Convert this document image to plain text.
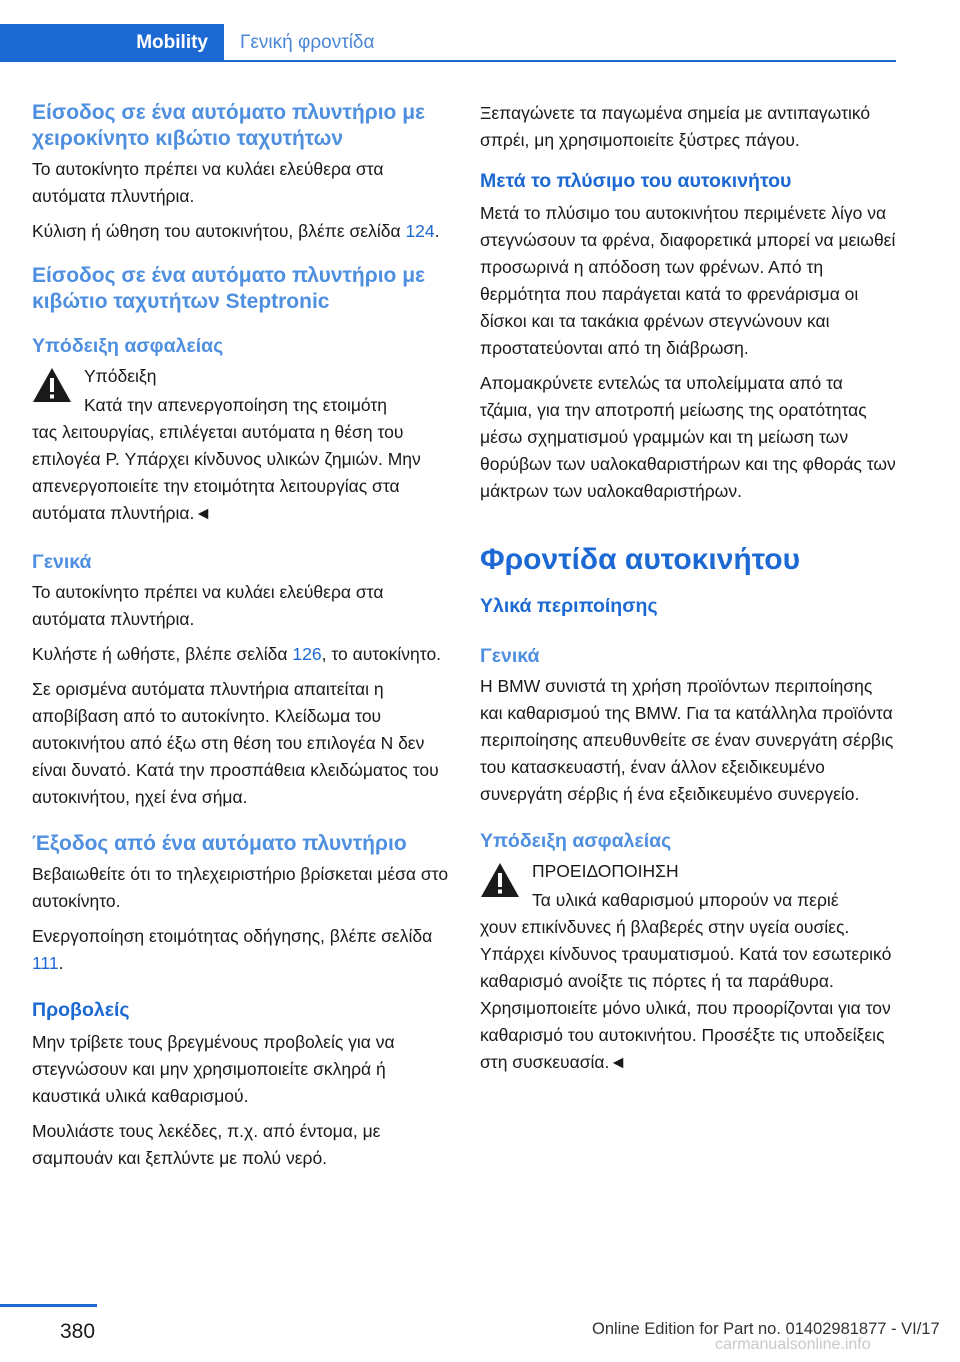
Mobility	Γενική φροντίδα
Είσοδος σε ένα αυτόματο πλυντήριο με χειροκίνητο κιβώτιο ταχυτήτων

Το αυτοκίνητο πρέπει να κυλάει ελεύθερα στα αυτόματα πλυντήρια.

Κύλιση ή ώθηση του αυτοκινήτου, βλέπε σελίδα 124.

Είσοδος σε ένα αυτόματο πλυντήριο με κιβώτιο ταχυτήτων Steptronic
Υπόδειξη ασφαλείας

Υπόδειξη

Κατά την απενεργοποίηση της ετοιμότη

τας λειτουργίας, επιλέγεται αυτόματα η θέση του επιλογέα P. Υπάρχει κίνδυνος υλικών ζημιών. Μην απενεργοποιείτε την ετοιμότητα λειτουργίας στα αυτόματα πλυντήρια.◄

Γενικά

Το αυτοκίνητο πρέπει να κυλάει ελεύθερα στα αυτόματα πλυντήρια.

Κυλήστε ή ωθήστε, βλέπε σελίδα 126, το αυτοκίνητο.

Σε ορισμένα αυτόματα πλυντήρια απαιτείται η αποβίβαση από το αυτοκίνητο. Κλείδωμα του αυτοκινήτου από έξω στη θέση του επιλογέα N δεν είναι δυνατό. Κατά την προσπάθεια κλειδώματος του αυτοκινήτου, ηχεί ένα σήμα.

Έξοδος από ένα αυτόματο πλυντήριο

Βεβαιωθείτε ότι το τηλεχειριστήριο βρίσκεται μέσα στο αυτοκίνητο.

Ενεργοποίηση ετοιμότητας οδήγησης, βλέπε σελίδα 111.

Προβολείς

Μην τρίβετε τους βρεγμένους προβολείς για να στεγνώσουν και μην χρησιμοποιείτε σκληρά ή καυστικά υλικά καθαρισμού.

Μουλιάστε τους λεκέδες, π.χ. από έντομα, με σαμπουάν και ξεπλύντε με πολύ νερό.

Ξεπαγώνετε τα παγωμένα σημεία με αντιπαγωτικό σπρέι, μη χρησιμοποιείτε ξύστρες πάγου.

Μετά το πλύσιμο του αυτοκινήτου

Μετά το πλύσιμο του αυτοκινήτου περιμένετε λίγο να στεγνώσουν τα φρένα, διαφορετικά μπορεί να μειωθεί προσωρινά η απόδοση των φρένων. Από τη θερμότητα που παράγεται κατά το φρενάρισμα οι δίσκοι και τα τακάκια φρένων στεγνώνουν και προστατεύονται από τη διάβρωση.

Απομακρύνετε εντελώς τα υπολείμματα από τα τζάμια, για την αποτροπή μείωσης της ορατότητας μέσω σχηματισμού γραμμών και τη μείωση των θορύβων των υαλοκαθαριστήρων και της φθοράς των μάκτρων των υαλοκαθαριστήρων.

Φροντίδα αυτοκινήτου
Υλικά περιποίησης
Γενικά

Η BMW συνιστά τη χρήση προϊόντων περιποίησης και καθαρισμού της BMW. Για τα κατάλληλα προϊόντα περιποίησης απευθυνθείτε σε έναν συνεργάτη σέρβις του κατασκευαστή, έναν άλλον εξειδικευμένο συνεργάτη σέρβις ή ένα εξειδικευμένο συνεργείο.

Υπόδειξη ασφαλείας

ΠΡΟΕΙΔΟΠΟΙΗΣΗ

Τα υλικά καθαρισμού μπορούν να περιέ

χουν επικίνδυνες ή βλαβερές στην υγεία ουσίες. Υπάρχει κίνδυνος τραυματισμού. Κατά τον εσωτερικό καθαρισμό ανοίξτε τις πόρτες ή τα παράθυρα. Χρησιμοποιείτε μόνο υλικά, που προορίζονται για τον καθαρισμό του αυτοκινήτου. Προσέξτε τις υποδείξεις στη συσκευασία.◄

380	Online Edition for Part no. 01402981877 - VI/17
carmanualsonline.info
